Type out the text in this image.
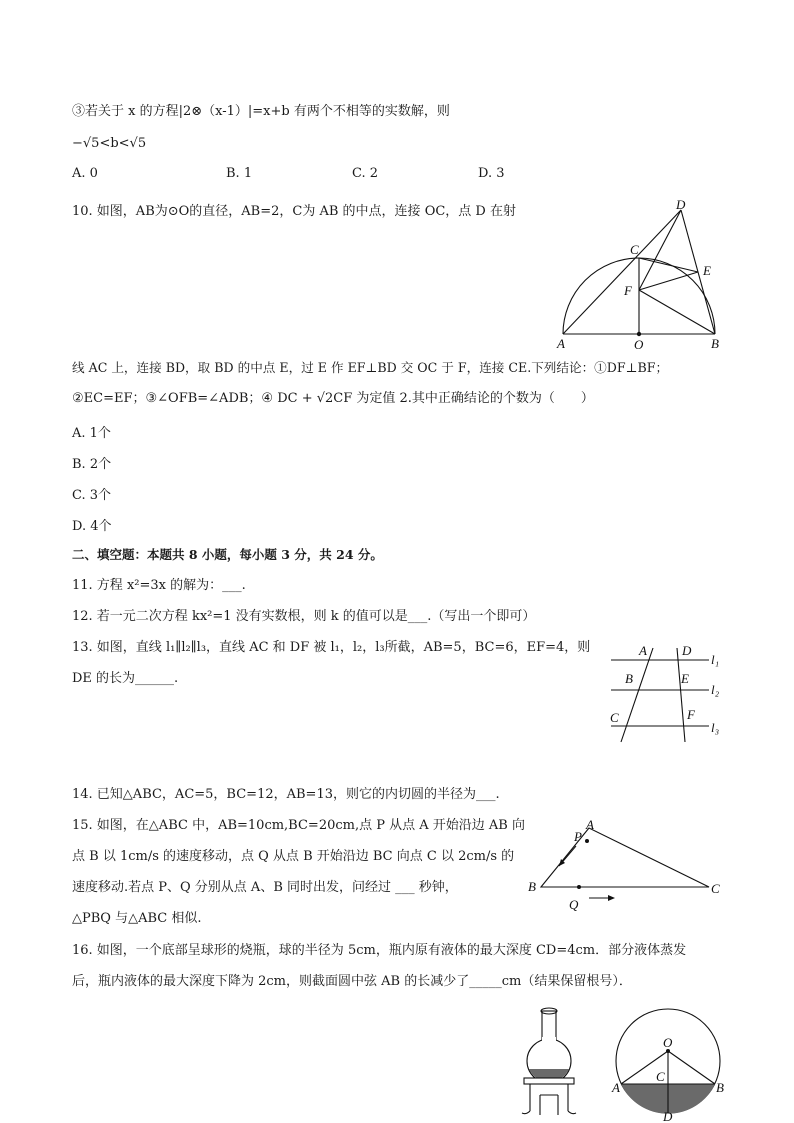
③若关于 x 的方程|2⊗（x-1）|=x+b 有两个不相等的实数解，则
−√5<b<√5
A. 0	B. 1	C. 2	D. 3
10. 如图，AB为⊙O的直径，AB=2，C为 AB 的中点，连接 OC，点 D 在射	D
C
E
F
A	O	B
线 AC 上，连接 BD，取 BD 的中点 E，过 E 作 EF⊥BD 交 OC 于 F，连接 CE.下列结论：①DF⊥BF；
②EC=EF；③∠OFB=∠ADB；④ DC + √2CF 为定值 2.其中正确结论的个数为（　　）
A. 1个
B. 2个
C. 3个
D. 4个
二、填空题：本题共 8 小题，每小题 3 分，共 24 分。
11. 方程 x²=3x 的解为：___.
12. 若一元二次方程 kx²=1 没有实数根，则 k 的值可以是___.（写出一个即可）
13. 如图，直线 l₁∥l₂∥l₃，直线 AC 和 DF 被 l₁，l₂，l₃所截，AB=5，BC=6，EF=4，则
DE 的长为______.
A	D
l₁
B	E
l₂
C	F
l₃
14. 已知△ABC，AC=5，BC=12，AB=13，则它的内切圆的半径为___.
15. 如图，在△ABC 中，AB=10cm,BC=20cm,点 P 从点 A 开始沿边 AB 向
点 B 以 1cm/s 的速度移动，点 Q 从点 B 开始沿边 BC 向点 C 以 2cm/s 的
速度移动.若点 P、Q 分别从点 A、B 同时出发，问经过 ___ 秒钟，
△PBQ 与△ABC 相似.
A
P
B
Q
C
16. 如图，一个底部呈球形的烧瓶，球的半径为 5cm，瓶内原有液体的最大深度 CD=4cm．部分液体蒸发
后，瓶内液体的最大深度下降为 2cm，则截面圆中弦 AB 的长减少了_____cm（结果保留根号）．
O
C
A	B
D
